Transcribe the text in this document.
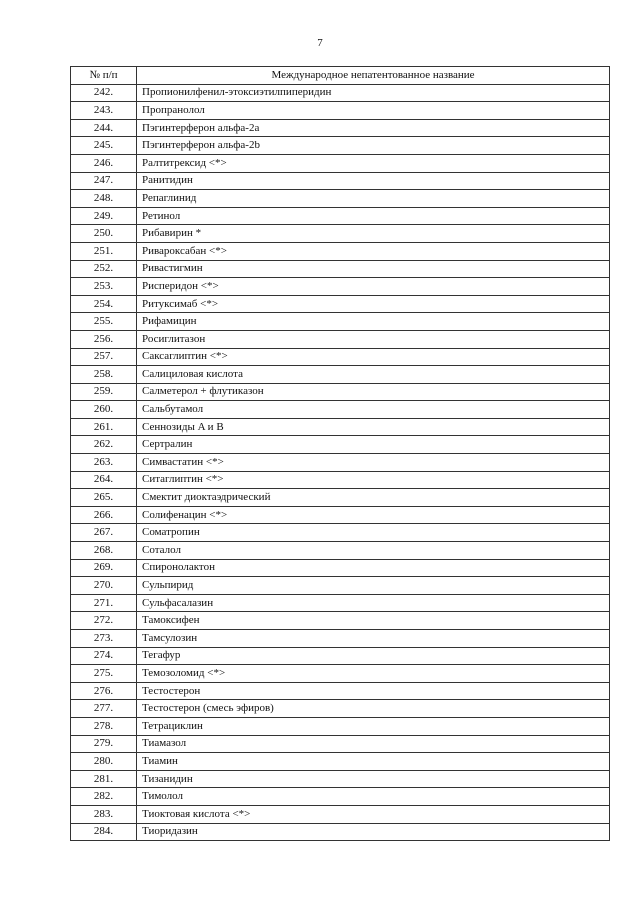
7
№ п/п	Международное непатентованное название
242.	Пропионилфенил-этоксиэтилпиперидин
243.	Пропранолол
244.	Пэгинтерферон альфа-2а
245.	Пэгинтерферон альфа-2b
246.	Ралтитрексид <*>
247.	Ранитидин
248.	Репаглинид
249.	Ретинол
250.	Рибавирин *
251.	Ривароксабан <*>
252.	Ривастигмин
253.	Рисперидон <*>
254.	Ритуксимаб <*>
255.	Рифамицин
256.	Росиглитазон
257.	Саксаглиптин <*>
258.	Салициловая кислота
259.	Салметерол + флутиказон
260.	Сальбутамол
261.	Сеннозиды A и B
262.	Сертралин
263.	Симвастатин <*>
264.	Ситаглиптин <*>
265.	Смектит диоктаэдрический
266.	Солифенацин <*>
267.	Соматропин
268.	Соталол
269.	Спиронолактон
270.	Сульпирид
271.	Сульфасалазин
272.	Тамоксифен
273.	Тамсулозин
274.	Тегафур
275.	Темозоломид <*>
276.	Тестостерон
277.	Тестостерон (смесь эфиров)
278.	Тетрациклин
279.	Тиамазол
280.	Тиамин
281.	Тизанидин
282.	Тимолол
283.	Тиоктовая кислота <*>
284.	Тиоридазин
